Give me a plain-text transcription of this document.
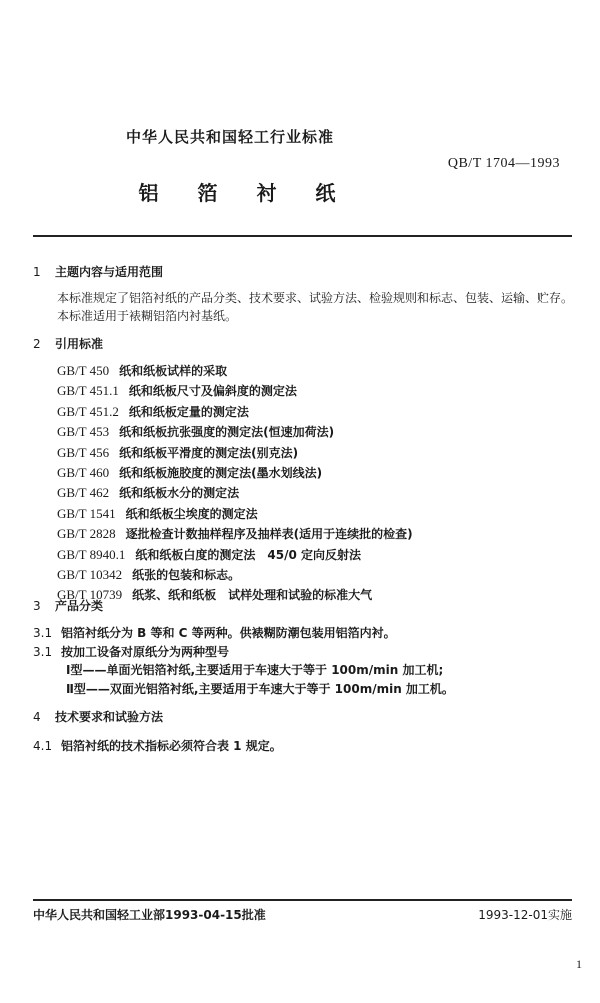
中华人民共和国轻工行业标准
QB/T 1704—1993
铝 箔 衬 纸
1 主题内容与适用范围
本标准规定了铝箔衬纸的产品分类、技术要求、试验方法、检验规则和标志、包装、运输、贮存。
本标准适用于裱糊铝箔内衬基纸。
2 引用标准
GB/T 450 纸和纸板试样的采取
GB/T 451.1 纸和纸板尺寸及偏斜度的测定法
GB/T 451.2 纸和纸板定量的测定法
GB/T 453 纸和纸板抗张强度的测定法(恒速加荷法)
GB/T 456 纸和纸板平滑度的测定法(别克法)
GB/T 460 纸和纸板施胶度的测定法(墨水划线法)
GB/T 462 纸和纸板水分的测定法
GB/T 1541 纸和纸板尘埃度的测定法
GB/T 2828 逐批检查计数抽样程序及抽样表(适用于连续批的检查)
GB/T 8940.1 纸和纸板白度的测定法　45/0 定向反射法
GB/T 10342 纸张的包装和标志。
GB/T 10739 纸浆、纸和纸板　试样处理和试验的标准大气
3 产品分类
3.1 铝箔衬纸分为 B 等和 C 等两种。供裱糊防潮包装用铝箔内衬。
3.1 按加工设备对原纸分为两种型号
Ⅰ型——单面光铝箔衬纸,主要适用于车速大于等于 100m/min 加工机;
Ⅱ型——双面光铝箔衬纸,主要适用于车速大于等于 100m/min 加工机。
4 技术要求和试验方法
4.1 铝箔衬纸的技术指标必须符合表 1 规定。
中华人民共和国轻工业部1993-04-15批准	1993-12-01实施
1
